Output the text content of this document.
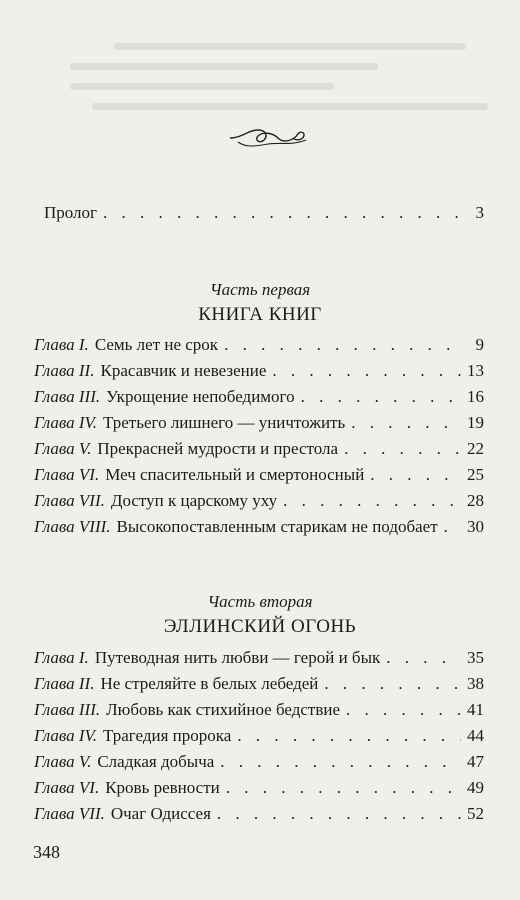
Пролог . . .	3
Часть первая
КНИГА КНИГ
Глава I. Семь лет не срок . . .	9
Глава II. Красавчик и невезение . . .	13
Глава III. Укрощение непобедимого . . .	16
Глава IV. Третьего лишнего — уничтожить . . .	19
Глава V. Прекрасней мудрости и престола . . .	22
Глава VI. Меч спасительный и смертоносный . . .	25
Глава VII. Доступ к царскому уху . . .	28
Глава VIII. Высокопоставленным старикам не подобает . . . 30
Часть вторая
ЭЛЛИНСКИЙ ОГОНЬ
Глава I. Путеводная нить любви — герой и бык . . .	35
Глава II. Не стреляйте в белых лебедей . . .	38
Глава III. Любовь как стихийное бедствие . . .	41
Глава IV. Трагедия пророка . . .	44
Глава V. Сладкая добыча . . .	47
Глава VI. Кровь ревности . . .	49
Глава VII. Очаг Одиссея . . .	52
348
